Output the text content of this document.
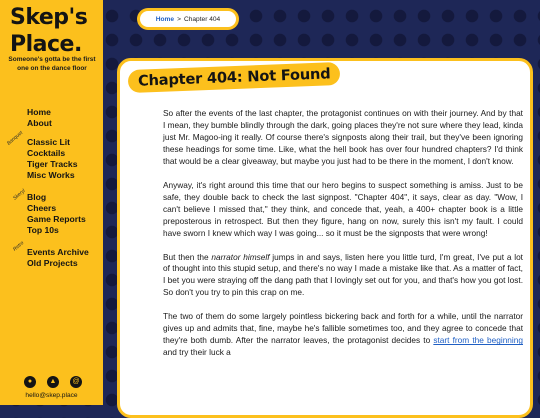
Skep's
Place.
Someone's gotta be the first one on the dance floor
Home
About
Banquet Classic Lit
Cocktails
Tiger Tracks
Misc Works
Skeryl Blog
Cheers
Game Reports
Top 10s
Retro Events Archive
Old Projects
●	▲	@
hello@skep.place
Home > Chapter 404
Chapter 404: Not Found

So after the events of the last chapter, the protagonist continues on with their journey. And by that I mean, they bumble blindly through the dark, going places they're not sure where they lead, kinda just Mr. Magoo-ing it really. Of course there's signposts along their trail, but they've been ignoring these headings for some time. Like, what the hell book has over four hundred chapters? I'd think that would be a clear giveaway, but maybe you just had to be there in the moment, I don't know.

Anyway, it's right around this time that our hero begins to suspect something is amiss. Just to be safe, they double back to check the last signpost. "Chapter 404", it says, clear as day. "Wow, I can't believe I missed that," they think, and concede that, yeah, a 400+ chapter book is a little preposterous in retrospect. But then they figure, hang on now, surely this isn't my fault. I could have sworn I knew which way I was going... so it must be the signposts that were wrong!

But then the narrator himself jumps in and says, listen here you little turd, I'm great, I've put a lot of thought into this stupid setup, and there's no way I made a mistake like that. As a matter of fact, I bet you were straying off the dang path that I lovingly set out for you, and that's how you got lost. So don't you try to pin this crap on me.

The two of them do some largely pointless bickering back and forth for a while, until the narrator gives up and admits that, fine, maybe he's fallible sometimes too, and they agree to concede that they're both dumb. After the narrator leaves, the protagonist decides to start from the beginning and try their luck a
